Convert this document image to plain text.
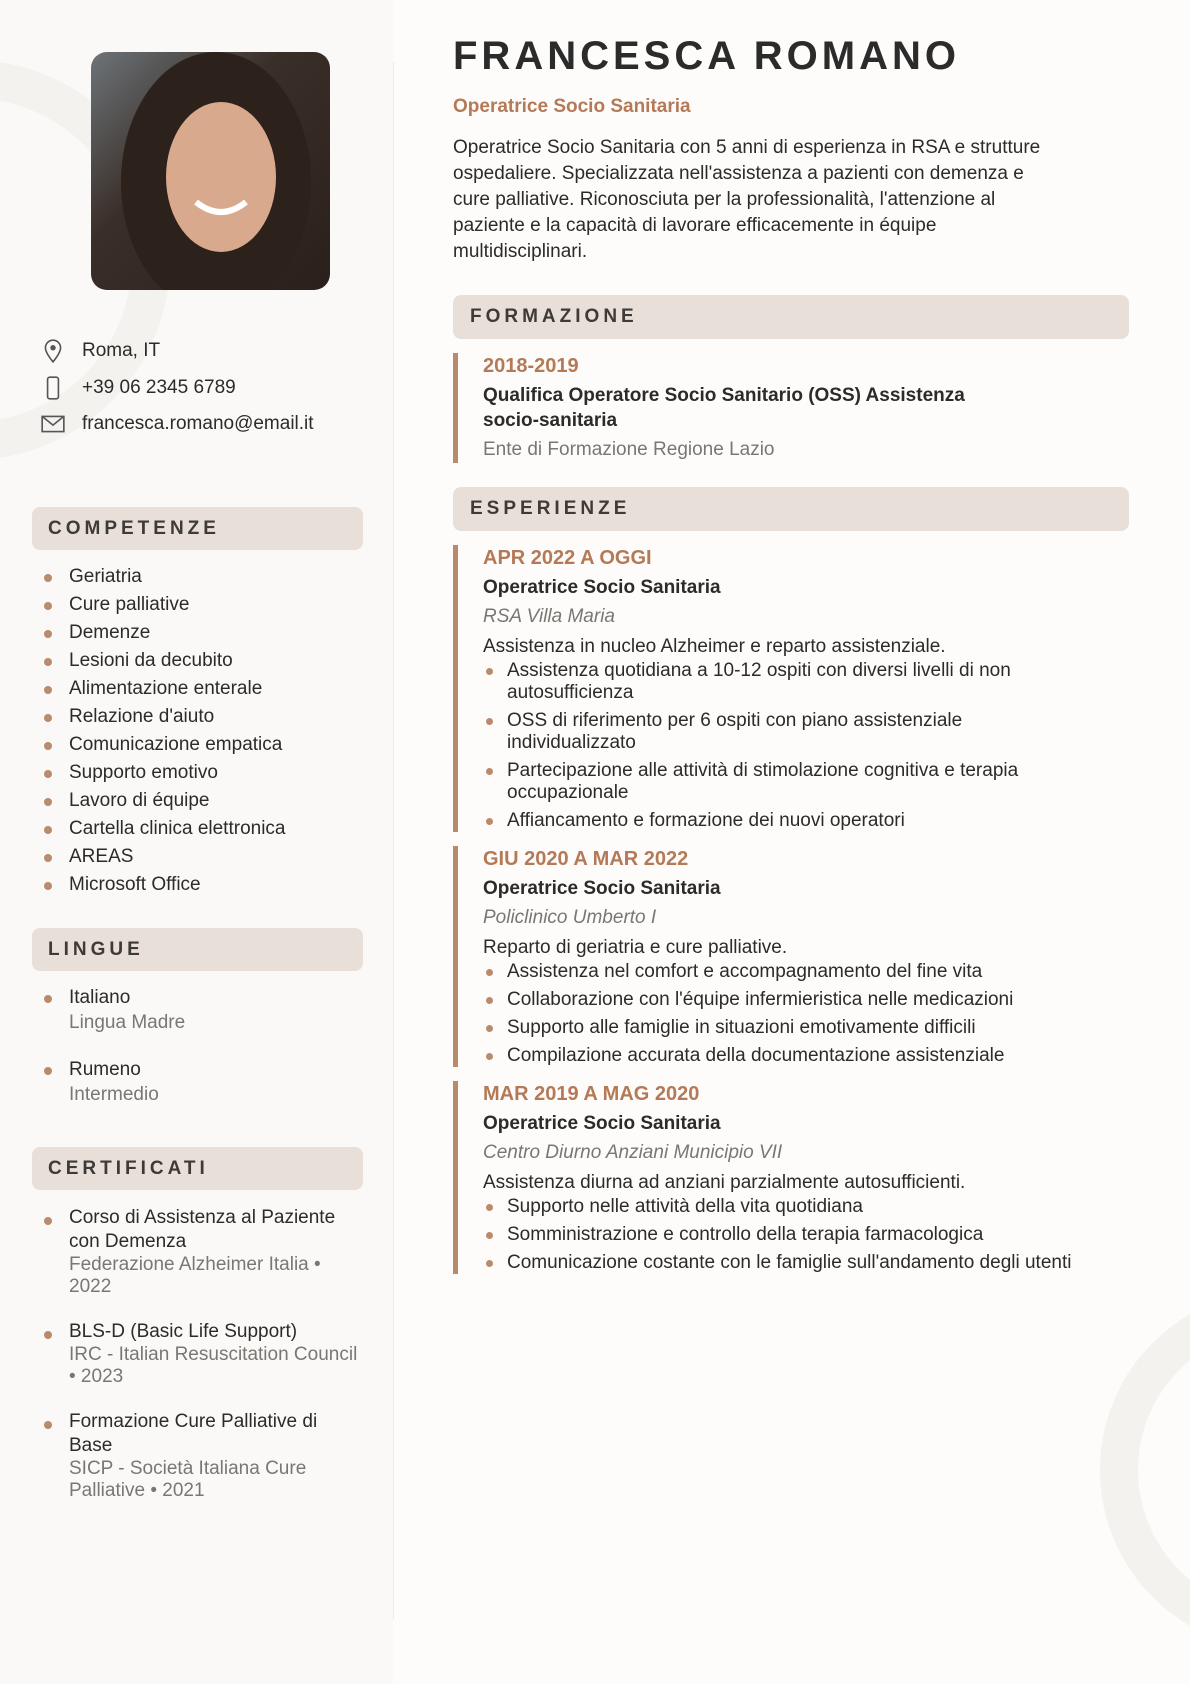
Roma, IT
+39 06 2345 6789
francesca.romano@email.it
COMPETENZE
Geriatria
Cure palliative
Demenze
Lesioni da decubito
Alimentazione enterale
Relazione d'aiuto
Comunicazione empatica
Supporto emotivo
Lavoro di équipe
Cartella clinica elettronica
AREAS
Microsoft Office
LINGUE
Italiano
Lingua Madre
Rumeno
Intermedio
CERTIFICATI
Corso di Assistenza al Paziente con Demenza
Federazione Alzheimer Italia • 2022
BLS-D (Basic Life Support)
IRC - Italian Resuscitation Council • 2023
Formazione Cure Palliative di Base
SICP - Società Italiana Cure Palliative • 2021
FRANCESCA ROMANO
Operatrice Socio Sanitaria
Operatrice Socio Sanitaria con 5 anni di esperienza in RSA e strutture ospedaliere. Specializzata nell'assistenza a pazienti con demenza e cure palliative. Riconosciuta per la professionalità, l'attenzione al paziente e la capacità di lavorare efficacemente in équipe multidisciplinari.
FORMAZIONE
2018-2019
Qualifica Operatore Socio Sanitario (OSS) Assistenza socio-sanitaria
Ente di Formazione Regione Lazio
ESPERIENZE
APR 2022 A OGGI
Operatrice Socio Sanitaria
RSA Villa Maria
Assistenza in nucleo Alzheimer e reparto assistenziale.
Assistenza quotidiana a 10-12 ospiti con diversi livelli di non autosufficienza
OSS di riferimento per 6 ospiti con piano assistenziale individualizzato
Partecipazione alle attività di stimolazione cognitiva e terapia occupazionale
Affiancamento e formazione dei nuovi operatori
GIU 2020 A MAR 2022
Operatrice Socio Sanitaria
Policlinico Umberto I
Reparto di geriatria e cure palliative.
Assistenza nel comfort e accompagnamento del fine vita
Collaborazione con l'équipe infermieristica nelle medicazioni
Supporto alle famiglie in situazioni emotivamente difficili
Compilazione accurata della documentazione assistenziale
MAR 2019 A MAG 2020
Operatrice Socio Sanitaria
Centro Diurno Anziani Municipio VII
Assistenza diurna ad anziani parzialmente autosufficienti.
Supporto nelle attività della vita quotidiana
Somministrazione e controllo della terapia farmacologica
Comunicazione costante con le famiglie sull'andamento degli utenti
